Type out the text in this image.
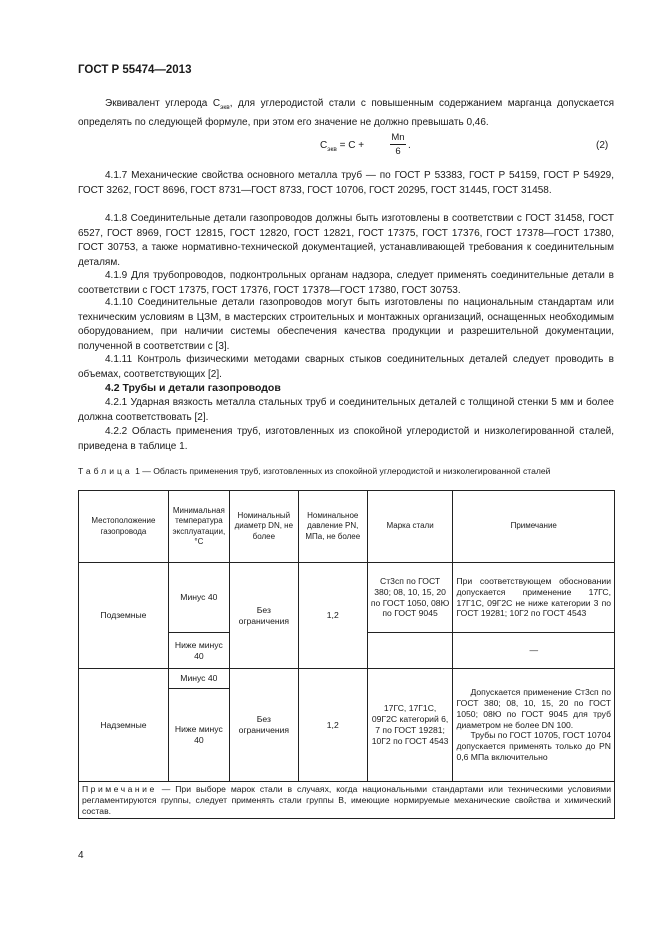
ГОСТ Р 55474—2013

Эквивалент углерода $С_{экв}$, для углеродистой стали с повышенным содержанием марганца допускается определять по следующей формуле, при этом его значение не должно превышать 0,46.

$С_{экв} = С$ +	$\frac{Mn}{6}$ .	(2)

4.1.7 Механические свойства основного металла труб — по ГОСТ Р 53383, ГОСТ Р 54159, ГОСТ Р 54929, ГОСТ 3262, ГОСТ 8696, ГОСТ 8731—ГОСТ 8733, ГОСТ 10706, ГОСТ 20295, ГОСТ 31445, ГОСТ 31458.

4.1.8 Соединительные детали газопроводов должны быть изготовлены в соответствии с ГОСТ 31458, ГОСТ 6527, ГОСТ 8969, ГОСТ 12815, ГОСТ 12820, ГОСТ 12821, ГОСТ 17375, ГОСТ 17376, ГОСТ 17378—ГОСТ 17380, ГОСТ 30753, а также нормативно-технической документацией, устанавливающей требования к соединительным деталям.

4.1.9 Для трубопроводов, подконтрольных органам надзора, следует применять соединительные детали в соответствии с ГОСТ 17375, ГОСТ 17376, ГОСТ 17378—ГОСТ 17380, ГОСТ 30753.

4.1.10 Соединительные детали газопроводов могут быть изготовлены по национальным стандартам или техническим условиям в ЦЗМ, в мастерских строительных и монтажных организаций, оснащенных необходимым оборудованием, при наличии системы обеспечения качества продукции и разрешительной документации, полученной в соответствии с [3].

4.1.11 Контроль физическими методами сварных стыков соединительных деталей следует проводить в объемах, соответствующих [2].

4.2 Трубы и детали газопроводов

4.2.1 Ударная вязкость металла стальных труб и соединительных деталей с толщиной стенки 5 мм и более должна соответствовать [2].

4.2.2 Область применения труб, изготовленных из спокойной углеродистой и низколегированной сталей, приведена в таблице 1.

Таблица 1 — Область применения труб, изготовленных из спокойной углеродистой и низколегированной сталей
Местоположение газопровода	Минимальная температура эксплуатации, °С	Номинальный диаметр DN, не более	Номинальное давление PN, МПа, не более	Марка стали	Примечание
Подземные	Минус 40	Без ограничения	1,2	Ст3сп по ГОСТ 380; 08, 10, 15, 20 по ГОСТ 1050, 08Ю по ГОСТ 9045	При соответствующем обосновании допускается применение 17ГС, 17Г1С, 09Г2С не ниже категории 3 по ГОСТ 19281; 10Г2 по ГОСТ 4543
	Ниже минус 40				—
Надземные	Минус 40	Без ограничения	1,2	17ГС, 17Г1С, 09Г2С категорий 6, 7 по ГОСТ 19281; 10Г2 по ГОСТ 4543	Допускается применение Ст3сп по ГОСТ 380; 08, 10, 15, 20 по ГОСТ 1050; 08Ю по ГОСТ 9045 для труб диаметром не более DN 100.
Трубы по ГОСТ 10705, ГОСТ 10704 допускается применять только до PN 0,6 МПа включительно

	Ниже минус 40				
Примечание — При выборе марок стали в случаях, когда национальными стандартами или техническими условиями регламентируются группы, следует применять стали группы В, имеющие нормируемые механические свойства и химический состав.					
4
